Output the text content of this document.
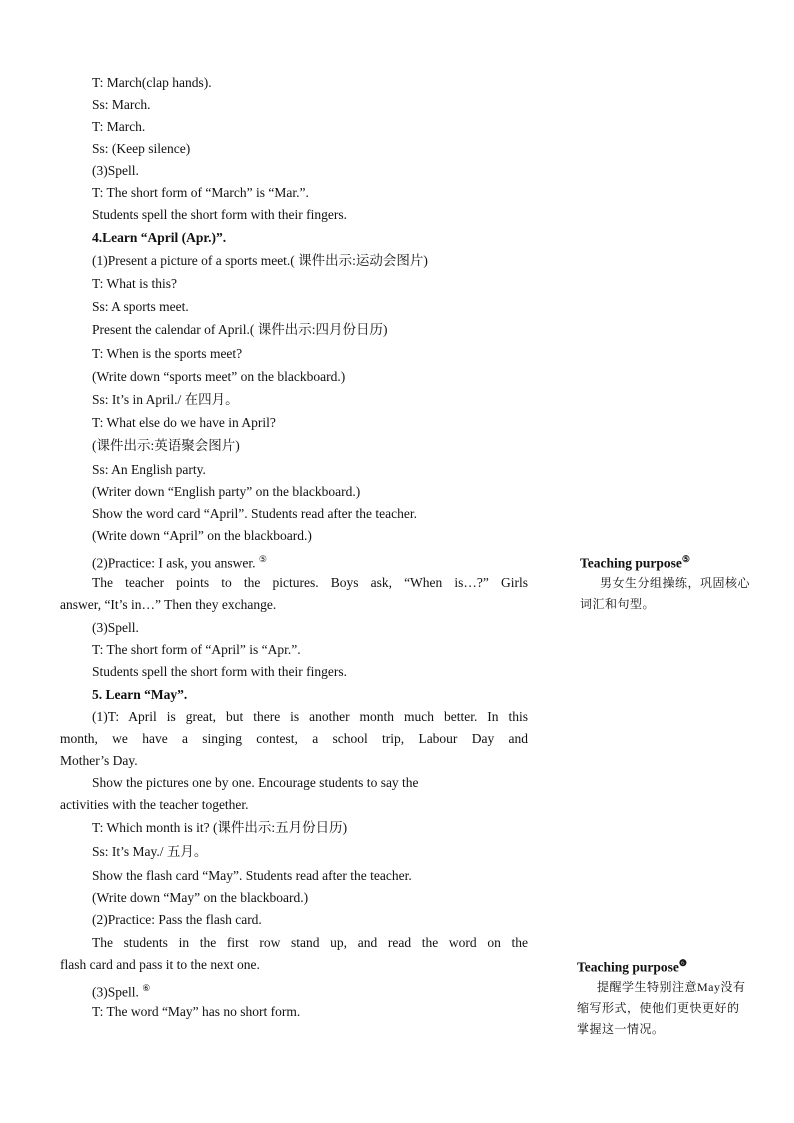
T: March(clap hands).
Ss: March.
T: March.
Ss: (Keep silence)
(3)Spell.
T: The short form of “March” is “Mar.”.
Students spell the short form with their fingers.
4.Learn “April (Apr.)”.
(1)Present a picture of a sports meet.( 课件出示:运动会图片)
T: What is this?
Ss: A sports meet.
Present the calendar of April.( 课件出示:四月份日历)
T: When is the sports meet?
(Write down “sports meet” on the blackboard.)
Ss: It’s in April./ 在四月。
T: What else do we have in April?
(课件出示:英语聚会图片)
Ss: An English party.
(Writer down “English party” on the blackboard.)
Show the word card “April”. Students read after the teacher.
(Write down “April” on the blackboard.)
(2)Practice: I ask, you answer. ⑤
The teacher points to the pictures. Boys ask, “When is…?” Girls
answer, “It’s in…” Then they exchange.
(3)Spell.
T: The short form of “April” is “Apr.”.
Students spell the short form with their fingers.
5. Learn “May”.
(1)T: April is great, but there is another month much better. In this
month, we have a singing contest, a school trip, Labour Day and
Mother’s Day.
Show the pictures one by one. Encourage students to say the
activities with the teacher together.
T: Which month is it? (课件出示:五月份日历)
Ss: It’s May./ 五月。
Show the flash card “May”. Students read after the teacher.
(Write down “May” on the blackboard.)
(2)Practice: Pass the flash card.
The students in the first row stand up, and read the word on the
flash card and pass it to the next one.
(3)Spell. ⑥
T: The word “May” has no short form.
Teaching purpose⑤
男女生分组操练，巩固核心词汇和句型。
Teaching purpose$^❻$
提醒学生特别注意May没有缩写形式，使他们更快更好的掌握这一情况。
